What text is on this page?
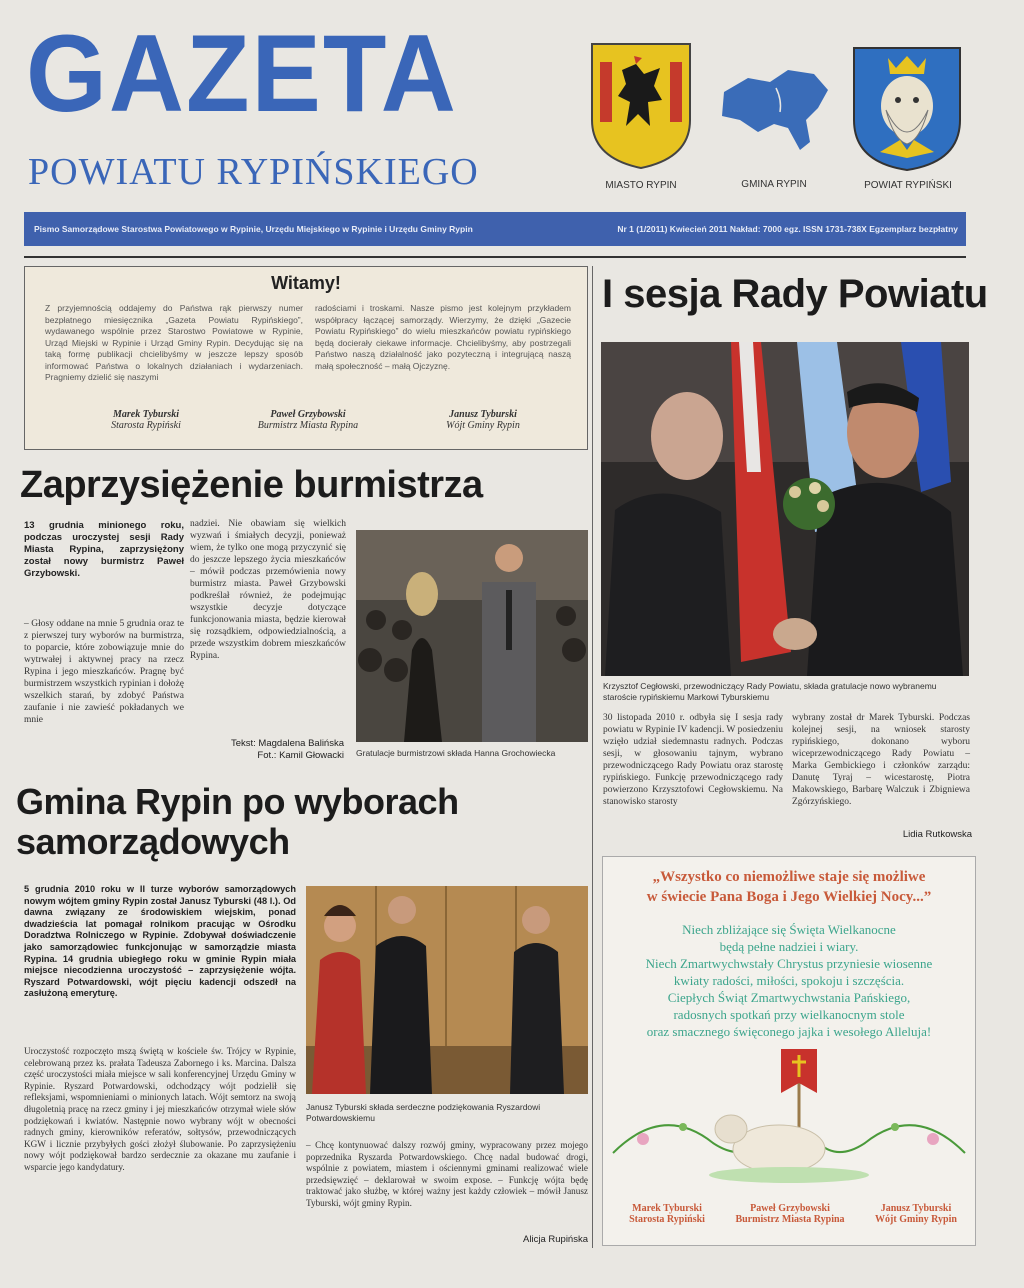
GAZETA
POWIATU RYPIŃSKIEGO	MIASTO RYPIN	GMINA RYPIN	POWIAT RYPIŃSKI
Pismo Samorządowe Starostwa Powiatowego w Rypinie, Urzędu Miejskiego w Rypinie i Urzędu Gminy Rypin	Nr 1 (1/2011) Kwiecień 2011 Nakład: 7000 egz. ISSN 1731-738X Egzemplarz bezpłatny
Witamy!
Z przyjemnością oddajemy do Państwa rąk pierwszy numer bezpłatnego miesięcznika „Gazeta Powiatu Rypińskiego”, wydawanego wspólnie przez Starostwo Powiatowe w Rypinie, Urząd Miejski w Rypinie i Urząd Gminy Rypin. Decydując się na taką formę publikacji chcielibyśmy w jeszcze lepszy sposób informować Państwa o lokalnych działaniach i wydarzeniach. Pragniemy dzielić się naszymi
radościami i troskami. Nasze pismo jest kolejnym przykładem współpracy łączącej samorządy. Wierzymy, że dzięki „Gazecie Powiatu Rypińskiego” do wielu mieszkańców powiatu rypińskiego będą docierały ciekawe informacje. Chcielibyśmy, aby postrzegali Państwo naszą działalność jako pozyteczną i integrującą naszą małą społeczność – małą Ojczyznę.
Marek Tyburski
Starosta Rypiński
Paweł Grzybowski
Burmistrz Miasta Rypina
Janusz Tyburski
Wójt Gminy Rypin
Zaprzysiężenie burmistrza
13 grudnia minionego roku, podczas uroczystej sesji Rady Miasta Rypina, zaprzysiężony został nowy burmistrz Paweł Grzybowski.
– Głosy oddane na mnie 5 grudnia oraz te z pierwszej tury wyborów na burmistrza, to poparcie, które zobowiązuje mnie do wytrwałej i aktywnej pracy na rzecz Rypina i jego mieszkańców. Pragnę być burmistrzem wszystkich rypinian i dołożę wszelkich starań, by zdobyć Państwa zaufanie i nie zawieść pokładanych we mnie
nadziei. Nie obawiam się wielkich wyzwań i śmiałych decyzji, ponieważ wiem, że tylko one mogą przyczynić się do jeszcze lepszego życia mieszkańców – mówił podczas przemówienia nowy burmistrz miasta. Paweł Grzybowski podkreślał również, że podejmując wszystkie decyzje dotyczące funkcjonowania miasta, będzie kierował się rozsądkiem, odpowiedzialnością, a przede wszystkim dobrem mieszkańców Rypina.
Tekst: Magdalena Balińska
Fot.: Kamil Głowacki Gratulacje burmistrzowi składa Hanna Grochowiecka
I sesja Rady Powiatu
Krzysztof Cegłowski, przewodniczący Rady Powiatu, składa gratulacje nowo wybranemu staroście rypińskiemu Markowi Tyburskiemu
30 listopada 2010 r. odbyła się I sesja rady powiatu w Rypinie IV kadencji. W posiedzeniu wzięło udział siedemnastu radnych. Podczas sesji, w głosowaniu tajnym, wybrano przewodniczącego Rady Powiatu oraz starostę rypińskiego. Funkcję przewodniczącego rady powierzono Krzysztofowi Cegłowskiemu. Na stanowisko starosty
wybrany został dr Marek Tyburski. Podczas kolejnej sesji, na wniosek starosty rypińskiego, dokonano wyboru wiceprzewodniczącego Rady Powiatu – Marka Gembickiego i członków zarządu: Danutę Tyraj – wicestarostę, Piotra Makowskiego, Barbarę Walczuk i Zbigniewa Zgórzyńskiego.
Lidia Rutkowska
Gmina Rypin po wyborach
samorządowych
5 grudnia 2010 roku w II turze wyborów samorządowych nowym wójtem gminy Rypin został Janusz Tyburski (48 l.). Od dawna związany ze środowiskiem wiejskim, ponad dwadzieścia lat pomagał rolnikom pracując w Ośrodku Doradztwa Rolniczego w Rypinie. Zdobywał doświadczenie jako samorządowiec funkcjonując w samorządzie miasta Rypina. 14 grudnia ubiegłego roku w gminie Rypin miała miejsce niecodzienna uroczystość – zaprzysiężenie wójta. Ryszard Potwardowski, wójt pięciu kadencji odszedł na zasłużoną emeryturę.
Uroczystość rozpoczęto mszą świętą w kościele św. Trójcy w Rypinie, celebrowaną przez ks. prałata Tadeusza Zabornego i ks. Marcina. Dalsza część uroczystości miała miejsce w sali konferencyjnej Urzędu Gminy w Rypinie. Ryszard Potwardowski, odchodzący wójt podzielił się refleksjami, wspomnieniami o minionych latach. Wójt semtorz na swoją długoletnią pracę na rzecz gminy i jej mieszkańców otrzymał wiele słów podziękowań i kwiatów. Następnie nowo wybrany wójt w obecności radnych gminy, kierowników referatów, sołtysów, przewodniczących KGW i licznie przybyłych gości złożył ślubowanie. Po zaprzysiężeniu nowy wójt podziękował bardzo serdecznie za okazane mu zaufanie i wsparcie jego kandydatury.
Janusz Tyburski składa serdeczne podziękowania Ryszardowi Potwardowskiemu
– Chcę kontynuować dalszy rozwój gminy, wypracowany przez mojego poprzednika Ryszarda Potwardowskiego. Chcę nadal budować drogi, wspólnie z powiatem, miastem i ościennymi gminami realizować wiele przedsięwzięć – deklarował w swoim expose. – Funkcję wójta będę traktować jako służbę, w której ważny jest każdy człowiek – mówił Janusz Tyburski, wójt gminy Rypin.
Alicja Rupińska
„Wszystko co niemożliwe staje się możliwe
w świecie Pana Boga i Jego Wielkiej Nocy...”
Niech zbliżające się Święta Wielkanocne
będą pełne nadziei i wiary.
Niech Zmartwychwstały Chrystus przyniesie wiosenne
kwiaty radości, miłości, spokoju i szczęścia.
Ciepłych Świąt Zmartwychwstania Pańskiego,
radosnych spotkań przy wielkanocnym stole
oraz smacznego święconego jajka i wesołego Alleluja!
Marek Tyburski
Starosta Rypiński
Paweł Grzybowski
Burmistrz Miasta Rypina
Janusz Tyburski
Wójt Gminy Rypin
